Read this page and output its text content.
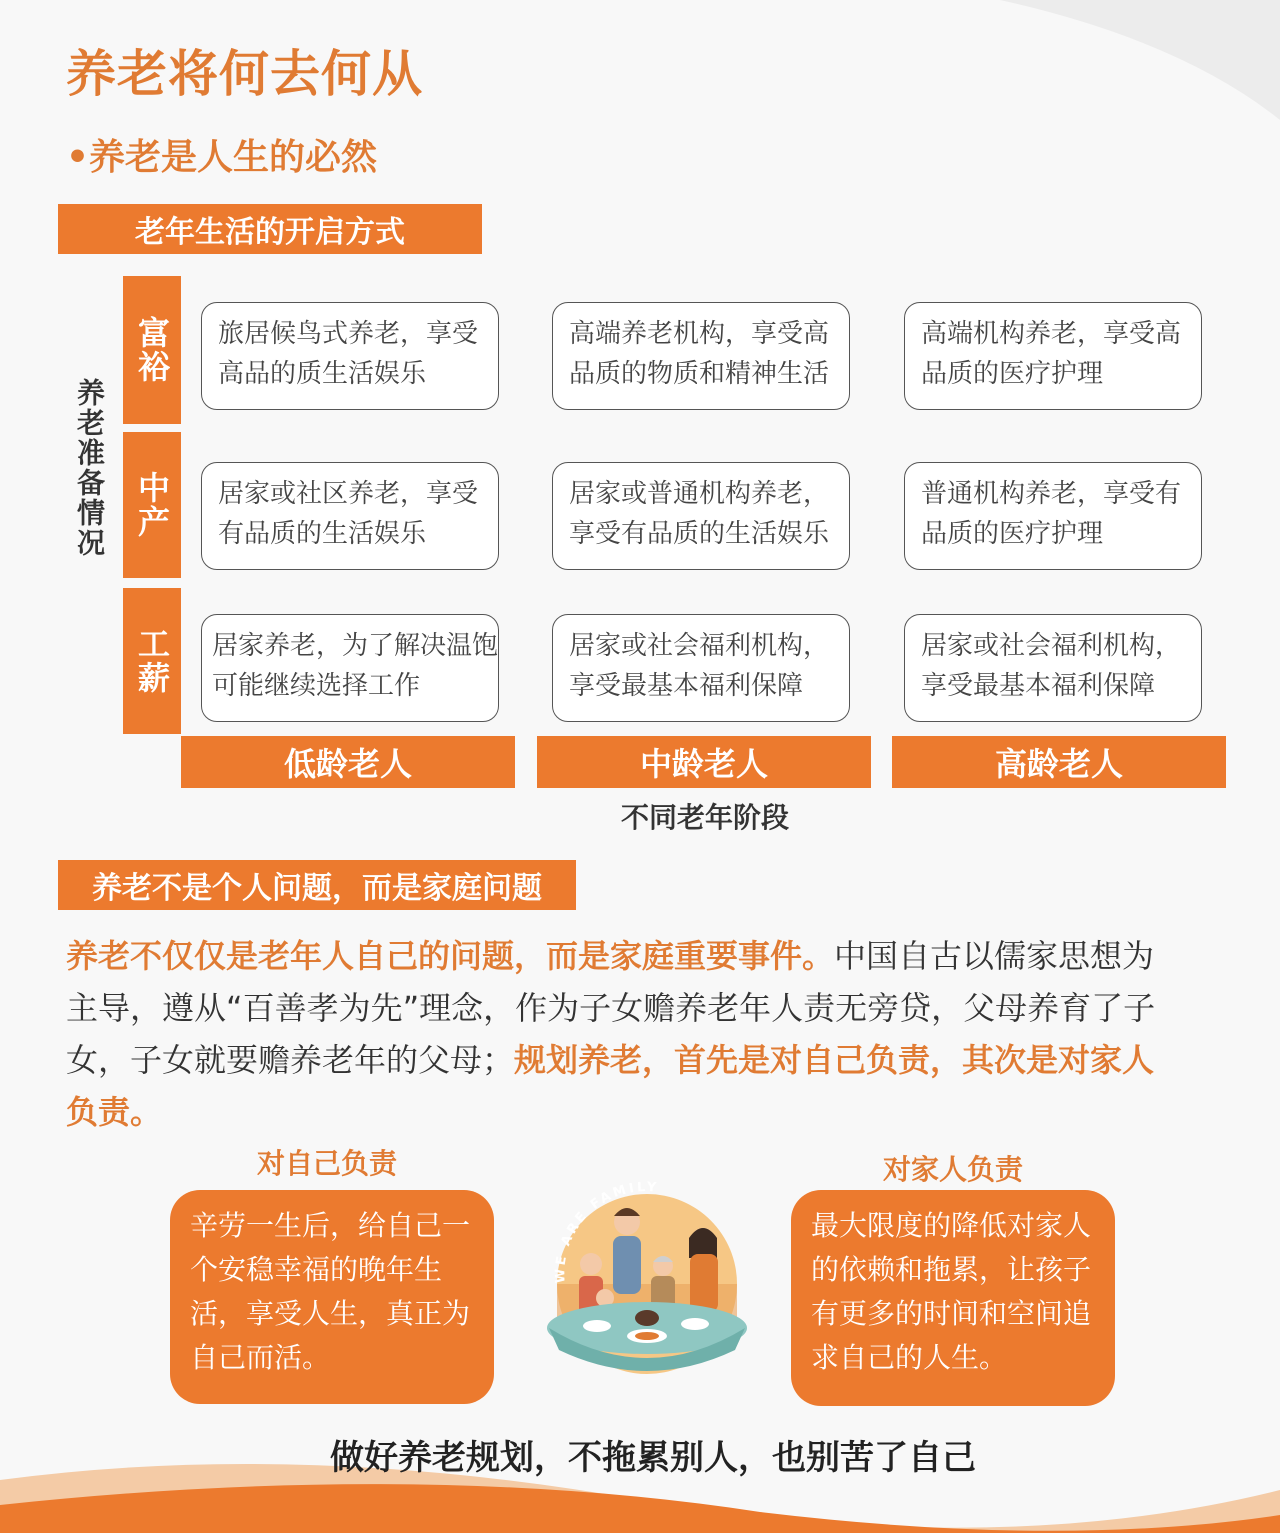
养老将何去何从
•养老是人生的必然
老年生活的开启方式
养老准备情况
富裕
中产
工薪
旅居候鸟式养老，享受高品的质生活娱乐
高端养老机构，享受高品质的物质和精神生活
高端机构养老，享受高品质的医疗护理
居家或社区养老，享受有品质的生活娱乐
居家或普通机构养老，享受有品质的生活娱乐
普通机构养老，享受有品质的医疗护理
居家养老，为了解决温饱可能继续选择工作
居家或社会福利机构，享受最基本福利保障
居家或社会福利机构，享受最基本福利保障
低龄老人	中龄老人	高龄老人
不同老年阶段
养老不是个人问题，而是家庭问题
养老不仅仅是老年人自己的问题，而是家庭重要事件。中国自古以儒家思想为主导，遵从“百善孝为先”理念，作为子女赡养老年人责无旁贷，父母养育了子女，子女就要赡养老年的父母；规划养老，首先是对自己负责，其次是对家人负责。
对自己负责
辛劳一生后，给自己一个安稳幸福的晚年生活，享受人生，真正为自己而活。
对家人负责
最大限度的降低对家人的依赖和拖累，让孩子有更多的时间和空间追求自己的人生。
WE ARE FAMILY
做好养老规划，不拖累别人，也别苦了自己
